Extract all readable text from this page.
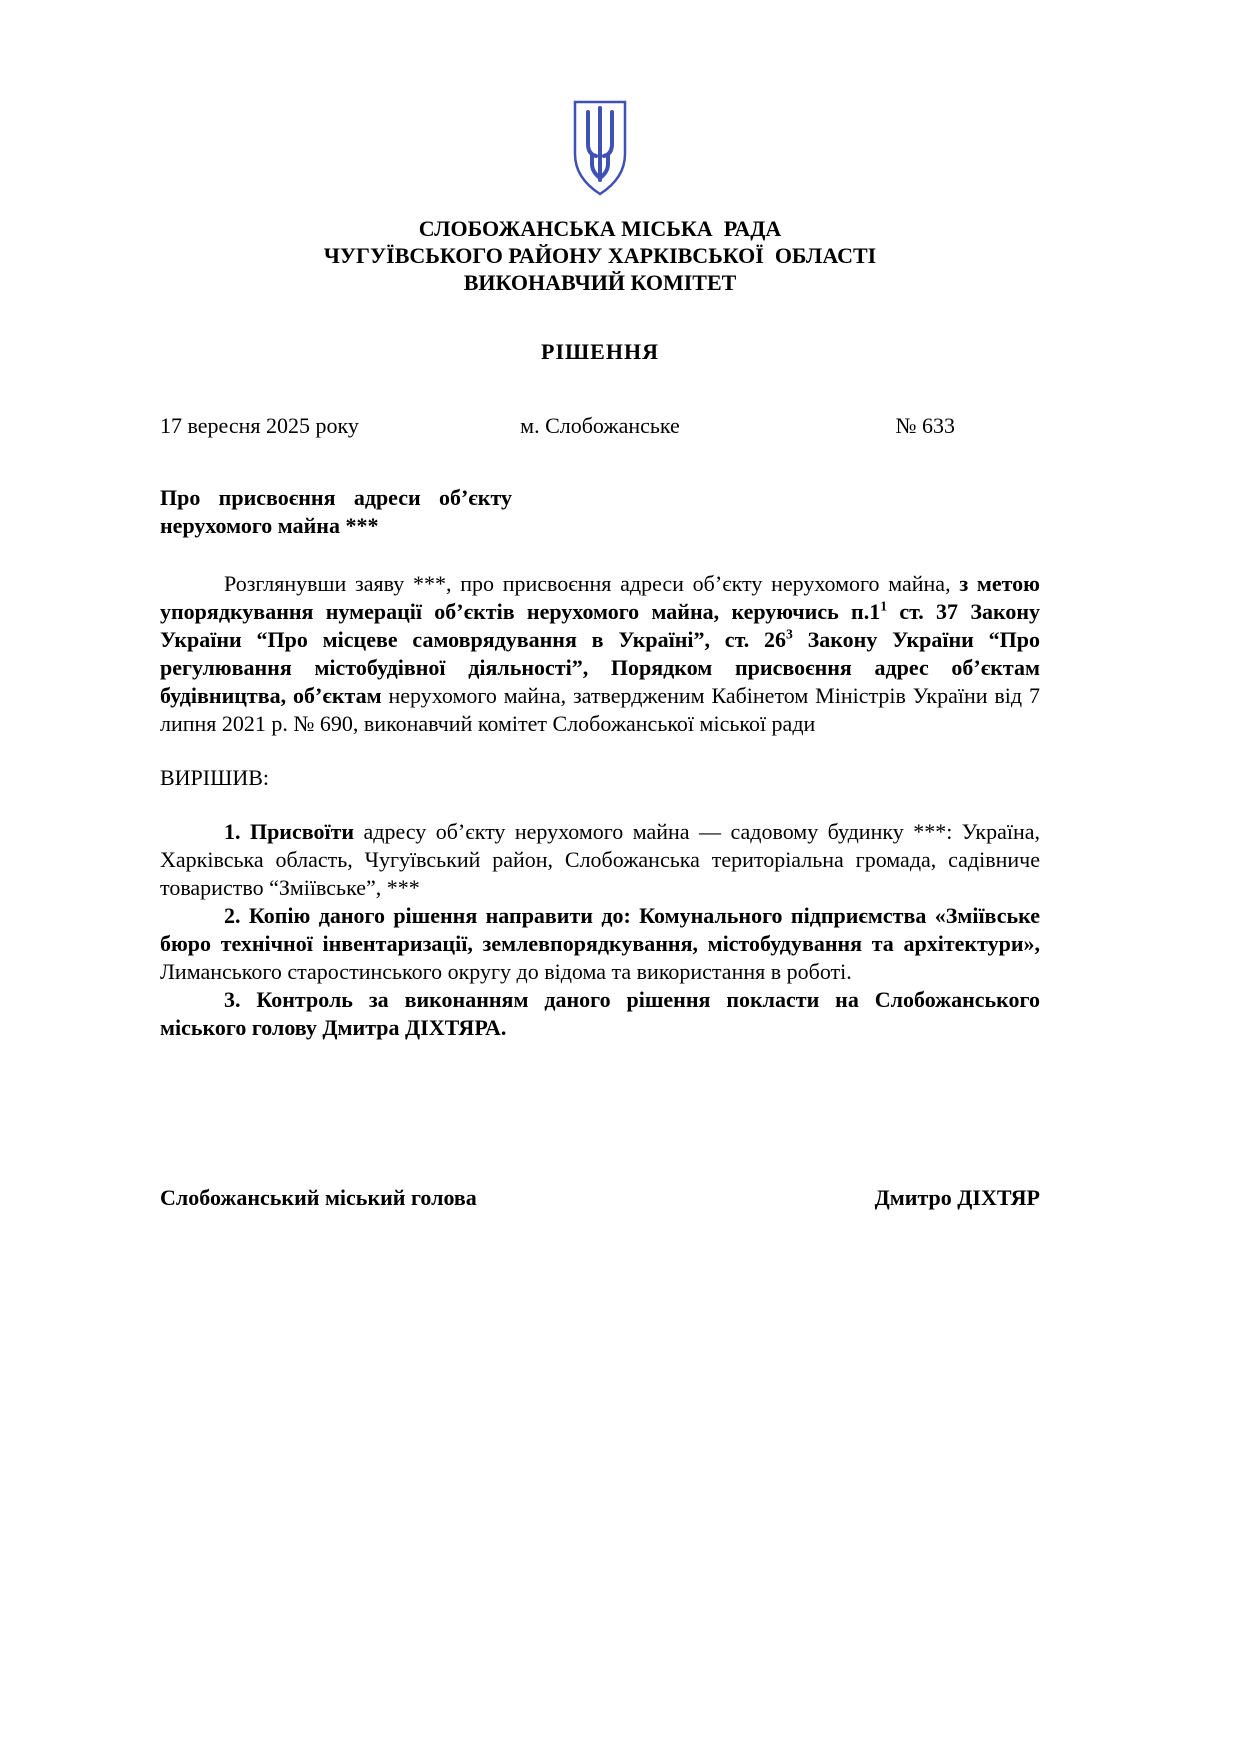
СЛОБОЖАНСЬКА МІСЬКА  РАДА
ЧУГУЇВСЬКОГО РАЙОНУ ХАРКІВСЬКОЇ  ОБЛАСТІ
ВИКОНАВЧИЙ КОМІТЕТ
РІШЕННЯ
17 вересня 2025 року	м. Слобожанське	№ 633
Про присвоєння адреси об’єкту
нерухомого майна ***

Розглянувши заяву ***, про присвоєння адреси об’єкту нерухомого майна, з метою упорядкування нумерації об’єктів нерухомого майна, керуючись $п.1^1$ ст. 37 Закону України “Про місцеве самоврядування в Україні”, ст. $26^3$ Закону України “Про регулювання містобудівної діяльності”, Порядком присвоєння адрес об’єктам будівництва, об’єктам нерухомого майна, затвердженим Кабінетом Міністрів України від 7 липня 2021 р. № 690, виконавчий комітет Слобожанської міської ради

ВИРІШИВ:

1. Присвоїти адресу об’єкту нерухомого майна — садовому будинку ***: Україна, Харківська область, Чугуївський район, Слобожанська територіальна громада, садівниче товариство “Зміївське”, ***

2. Копію даного рішення направити до: Комунального підприємства «Зміївське бюро технічної інвентаризації, землевпорядкування, містобудування та архітектури», Лиманського старостинського округу до відома та використання в роботі.

3. Контроль за виконанням даного рішення покласти на Слобожанського міського голову Дмитра ДІХТЯРА.

Слобожанський міський голова	Дмитро ДІХТЯР
